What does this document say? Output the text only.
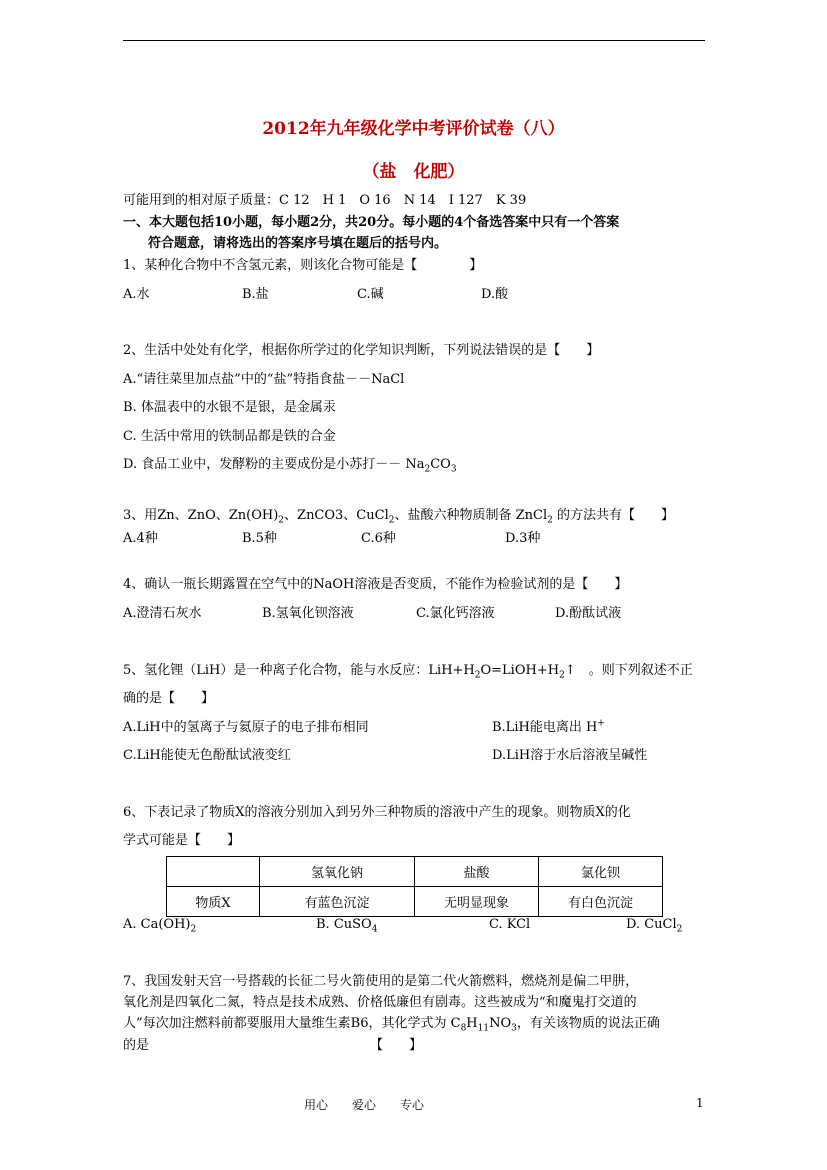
2012年九年级化学中考评价试卷（八）
（盐　化肥）
可能用到的相对原子质量：C 12　H 1　O 16　N 14　I 127　K 39
一、本大题包括10小题，每小题2分，共20分。每小题的4个备选答案中只有一个答案
符合题意，请将选出的答案序号填在题后的括号内。
1、某种化合物中不含氢元素，则该化合物可能是【　　　　】
A.水	B.盐	C.碱	D.酸
2、生活中处处有化学，根据你所学过的化学知识判断，下列说法错误的是【　　】
A.“请往菜里加点盐”中的“盐”特指食盐－－NaCl
B. 体温表中的水银不是银，是金属汞
C. 生活中常用的铁制品都是铁的合金
D. 食品工业中，发酵粉的主要成份是小苏打－－ $Na_2CO_3$
3、用Zn、ZnO、$Zn(OH)_2$、ZnCO3、CuCl$_2$、盐酸六种物质制备 ZnCl$_2$ 的方法共有【　　】
A.4种	B.5种	C.6种	D.3种
4、确认一瓶长期露置在空气中的NaOH溶液是否变质，不能作为检验试剂的是【　　】
A.澄清石灰水	B.氢氧化钡溶液	C.氯化钙溶液	D.酚酞试液
5、氢化锂（LiH）是一种离子化合物，能与水反应：$LiH+H_2O=LiOH+H_2↑$　。则下列叙述不正
确的是【　　】
A.LiH中的氢离子与氦原子的电子排布相同	B.LiH能电离出 H+
C.LiH能使无色酚酞试液变红	D.LiH溶于水后溶液呈碱性
6、下表记录了物质X的溶液分别加入到另外三种物质的溶液中产生的现象。则物质X的化
学式可能是【　　】
	氢氧化钠	盐酸	氯化钡
物质X	有蓝色沉淀	无明显现象	有白色沉淀
A. $Ca(OH)_2$	B. CuSO$_4$	C. KCl	D. CuCl$_2$
7、我国发射天宫一号搭载的长征二号火箭使用的是第二代火箭燃料，燃烧剂是偏二甲肼，
氧化剂是四氧化二氮，特点是技术成熟、价格低廉但有剧毒。这些被成为“和魔鬼打交道的
人”每次加注燃料前都要服用大量维生素B6，其化学式为 $C_8H_{11}NO_3$，有关该物质的说法正确
的是	【　　】
用心　　爱心　　专心	1
